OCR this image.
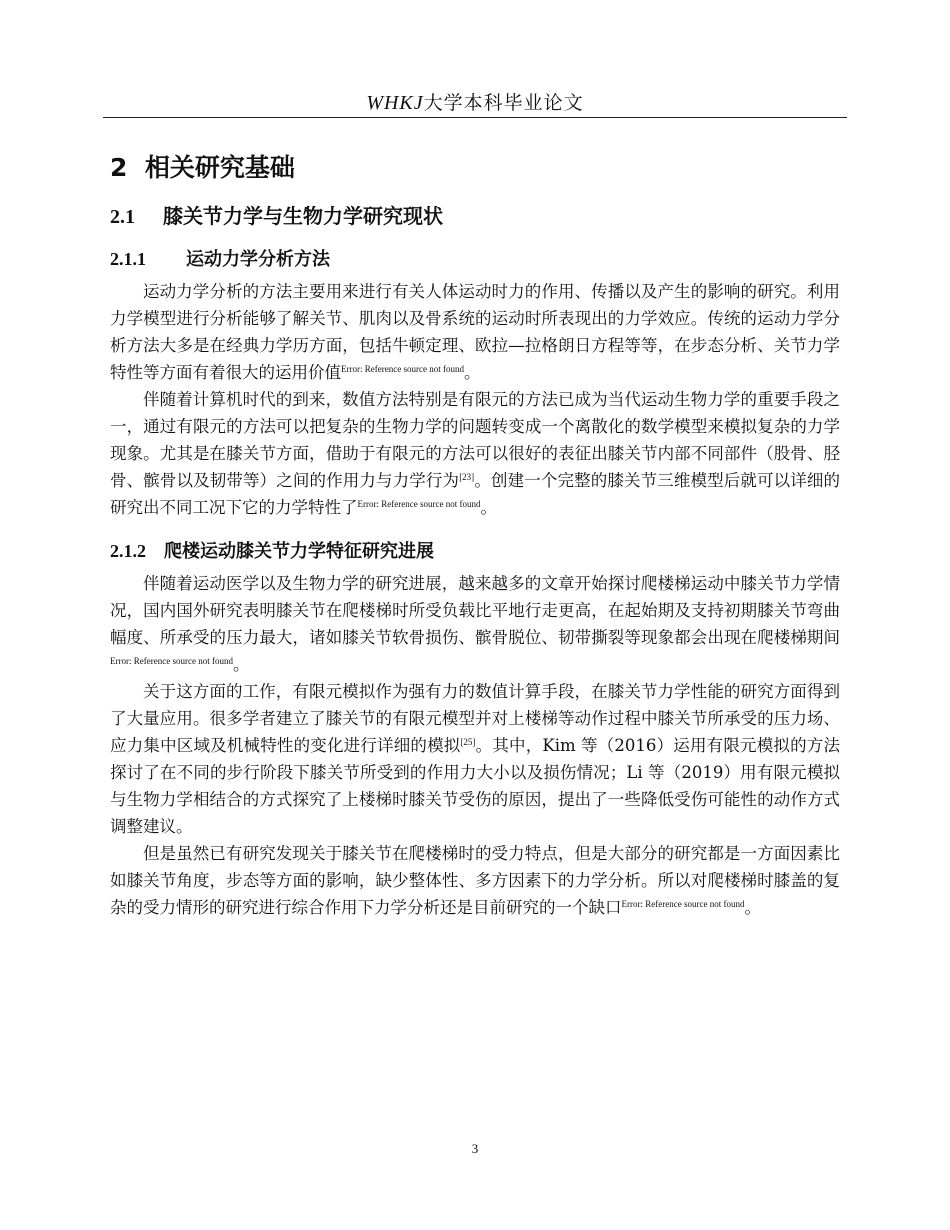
WHKJ大学本科毕业论文
2 相关研究基础
2.1 膝关节力学与生物力学研究现状
2.1.1 运动力学分析方法

运动力学分析的方法主要用来进行有关人体运动时力的作用、传播以及产生的影响的研究。利用力学模型进行分析能够了解关节、肌肉以及骨系统的运动时所表现出的力学效应。传统的运动力学分析方法大多是在经典力学历方面，包括牛顿定理、欧拉—拉格朗日方程等等，在步态分析、关节力学特性等方面有着很大的运用价值$^{Error: Reference source not found}$。

伴随着计算机时代的到来，数值方法特别是有限元的方法已成为当代运动生物力学的重要手段之一，通过有限元的方法可以把复杂的生物力学的问题转变成一个离散化的数学模型来模拟复杂的力学现象。尤其是在膝关节方面，借助于有限元的方法可以很好的表征出膝关节内部不同部件（股骨、胫骨、髌骨以及韧带等）之间的作用力与力学行为[23]。创建一个完整的膝关节三维模型后就可以详细的研究出不同工况下它的力学特性了$^{Error: Reference source not found}$。

2.1.2 爬楼运动膝关节力学特征研究进展

伴随着运动医学以及生物力学的研究进展，越来越多的文章开始探讨爬楼梯运动中膝关节力学情况，国内国外研究表明膝关节在爬楼梯时所受负载比平地行走更高，在起始期及支持初期膝关节弯曲幅度、所承受的压力最大，诸如膝关节软骨损伤、髌骨脱位、韧带撕裂等现象都会出现在爬楼梯期间$^{Error: Reference source not found}$。

关于这方面的工作，有限元模拟作为强有力的数值计算手段，在膝关节力学性能的研究方面得到了大量应用。很多学者建立了膝关节的有限元模型并对上楼梯等动作过程中膝关节所承受的压力场、应力集中区域及机械特性的变化进行详细的模拟[25]。其中，Kim 等（2016）运用有限元模拟的方法探讨了在不同的步行阶段下膝关节所受到的作用力大小以及损伤情况；Li 等（2019）用有限元模拟与生物力学相结合的方式探究了上楼梯时膝关节受伤的原因，提出了一些降低受伤可能性的动作方式调整建议。

但是虽然已有研究发现关于膝关节在爬楼梯时的受力特点，但是大部分的研究都是一方面因素比如膝关节角度，步态等方面的影响，缺少整体性、多方因素下的力学分析。所以对爬楼梯时膝盖的复杂的受力情形的研究进行综合作用下力学分析还是目前研究的一个缺口$^{Error: Reference source not found}$。

3
